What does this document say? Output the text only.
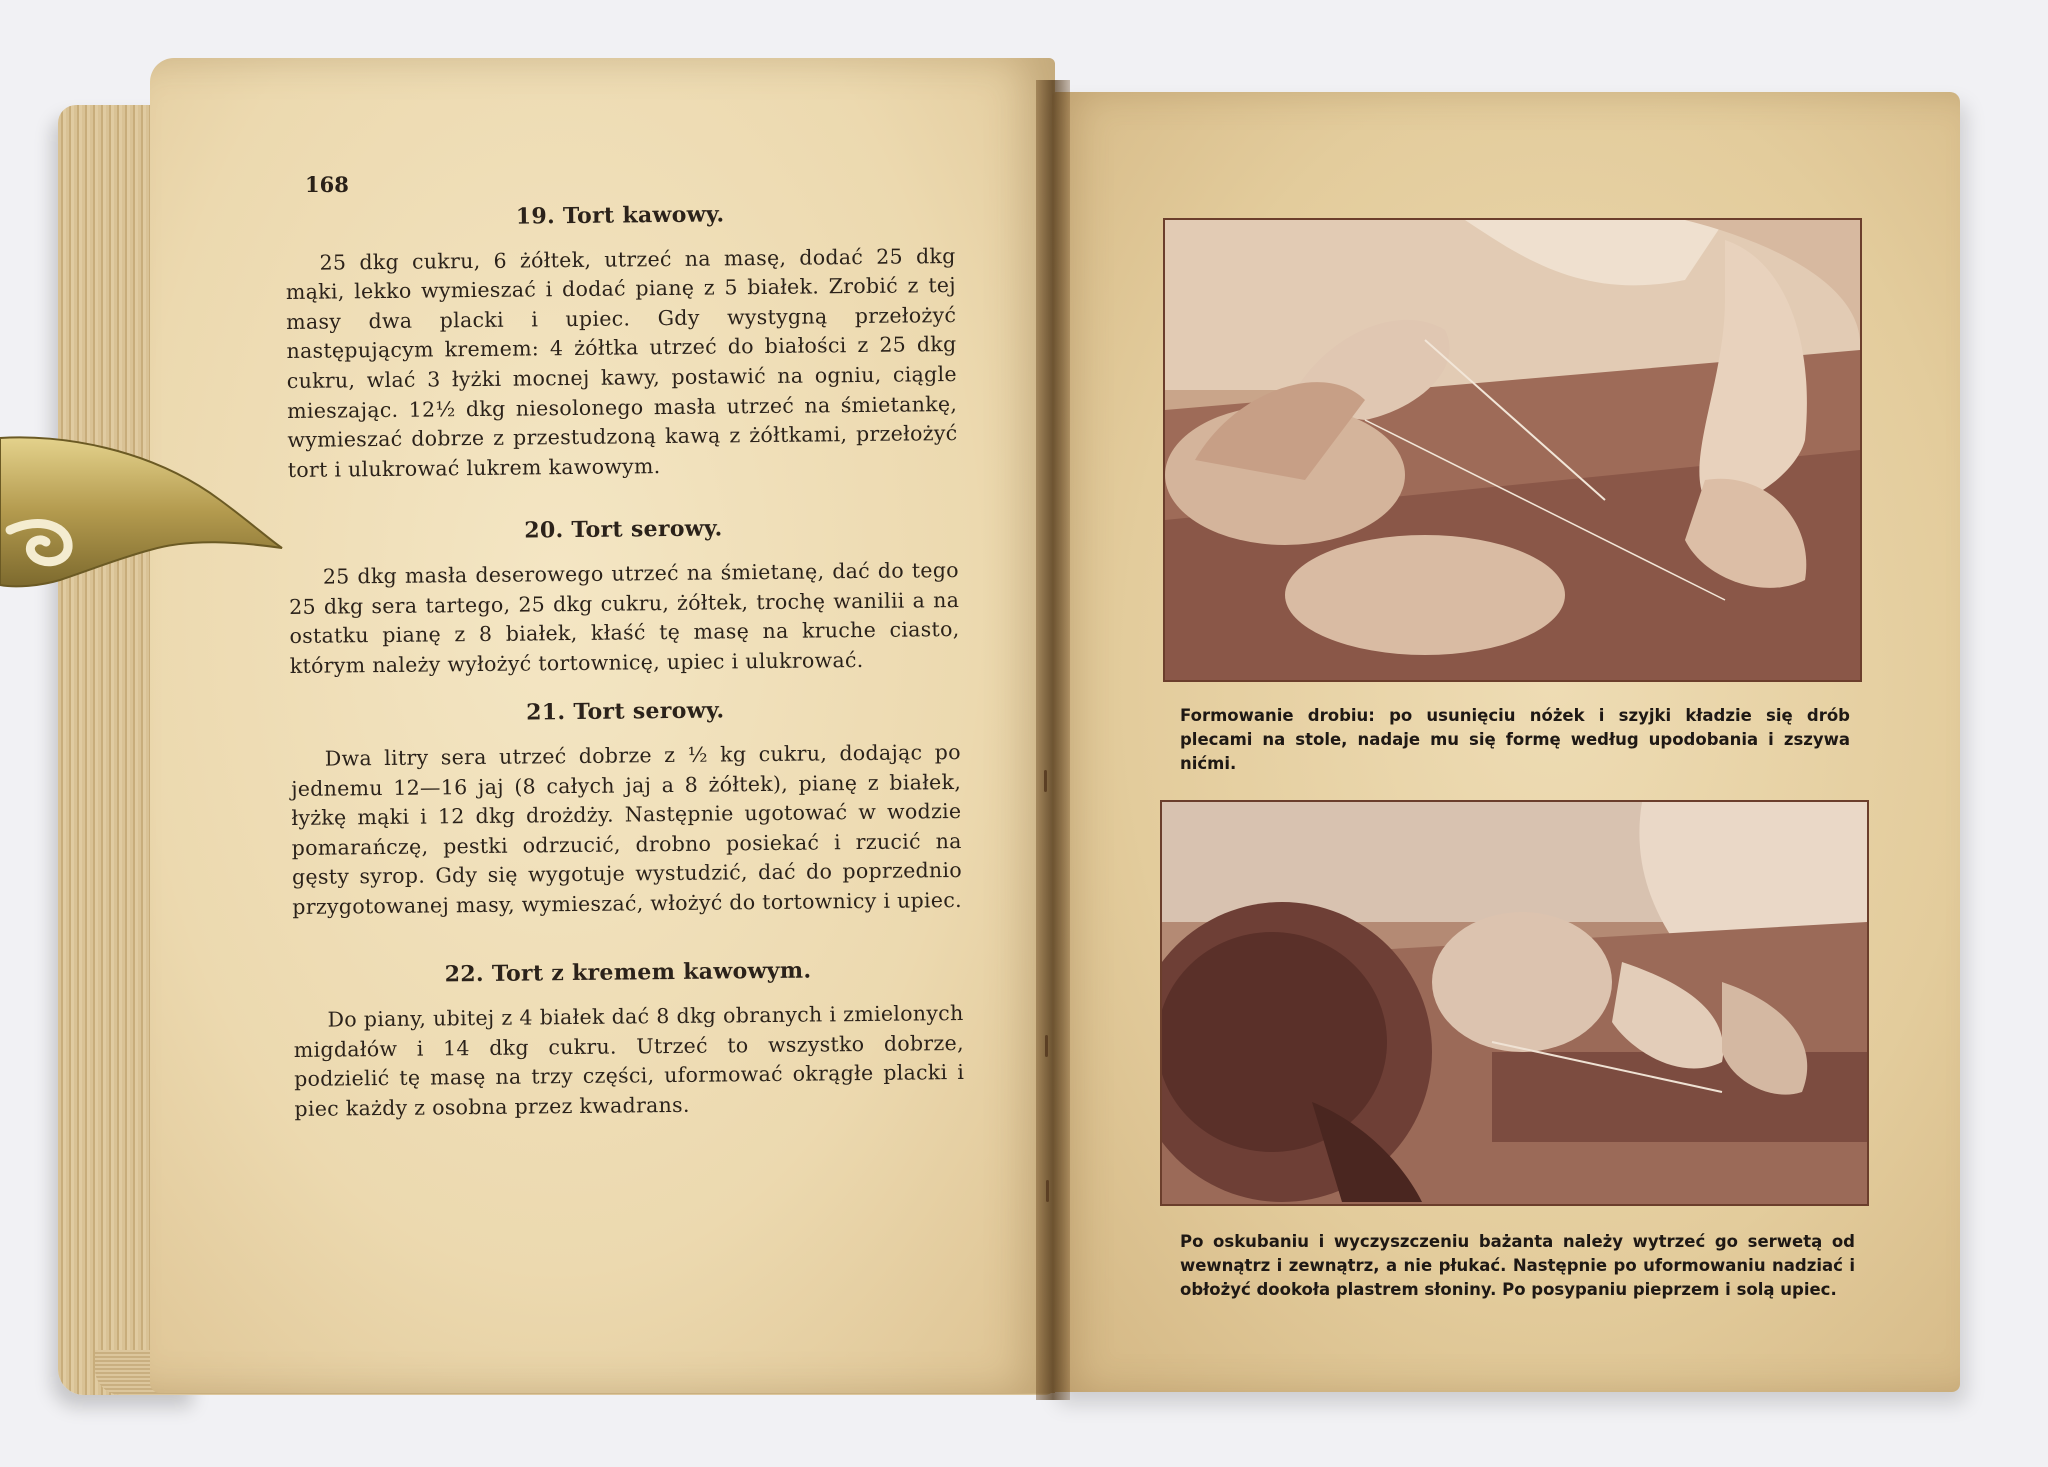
168
19. Tort kawowy.

25 dkg cukru, 6 żółtek, utrzeć na masę, dodać 25 dkg mąki, lekko wymieszać i dodać pianę z 5 białek. Zrobić z tej masy dwa placki i upiec. Gdy wystygną przełożyć następującym kremem: 4 żółtka utrzeć do białości z 25 dkg cukru, wlać 3 łyżki mocnej kawy, postawić na ogniu, ciągle mieszając. 12½ dkg niesolonego masła utrzeć na śmietankę, wymieszać dobrze z przestudzoną kawą z żółtkami, przełożyć tort i ulukrować lukrem kawowym.

20. Tort serowy.

25 dkg masła deserowego utrzeć na śmietanę, dać do tego 25 dkg sera tartego, 25 dkg cukru, żółtek, trochę wanilii a na ostatku pianę z 8 białek, kłaść tę masę na kruche ciasto, którym należy wyłożyć tortownicę, upiec i ulukrować.

21. Tort serowy.

Dwa litry sera utrzeć dobrze z ½ kg cukru, dodając po jednemu 12—16 jaj (8 całych jaj a 8 żółtek), pianę z białek, łyżkę mąki i 12 dkg drożdży. Następnie ugotować w wodzie pomarańczę, pestki odrzucić, drobno posiekać i rzucić na gęsty syrop. Gdy się wygotuje wystudzić, dać do poprzednio przygotowanej masy, wymieszać, włożyć do tortownicy i upiec.

22. Tort z kremem kawowym.

Do piany, ubitej z 4 białek dać 8 dkg obranych i zmielonych migdałów i 14 dkg cukru. Utrzeć to wszystko dobrze, podzielić tę masę na trzy części, uformować okrągłe placki i piec każdy z osobna przez kwadrans.

Formowanie drobiu: po usunięciu nóżek i szyjki kładzie się drób plecami na stole, nadaje mu się formę według upodobania i zszywa nićmi.
Po oskubaniu i wyczyszczeniu bażanta należy wytrzeć go serwetą od wewnątrz i zewnątrz, a nie płukać. Następnie po uformowaniu nadziać i obłożyć dookoła plastrem słoniny. Po posypaniu pieprzem i solą upiec.
